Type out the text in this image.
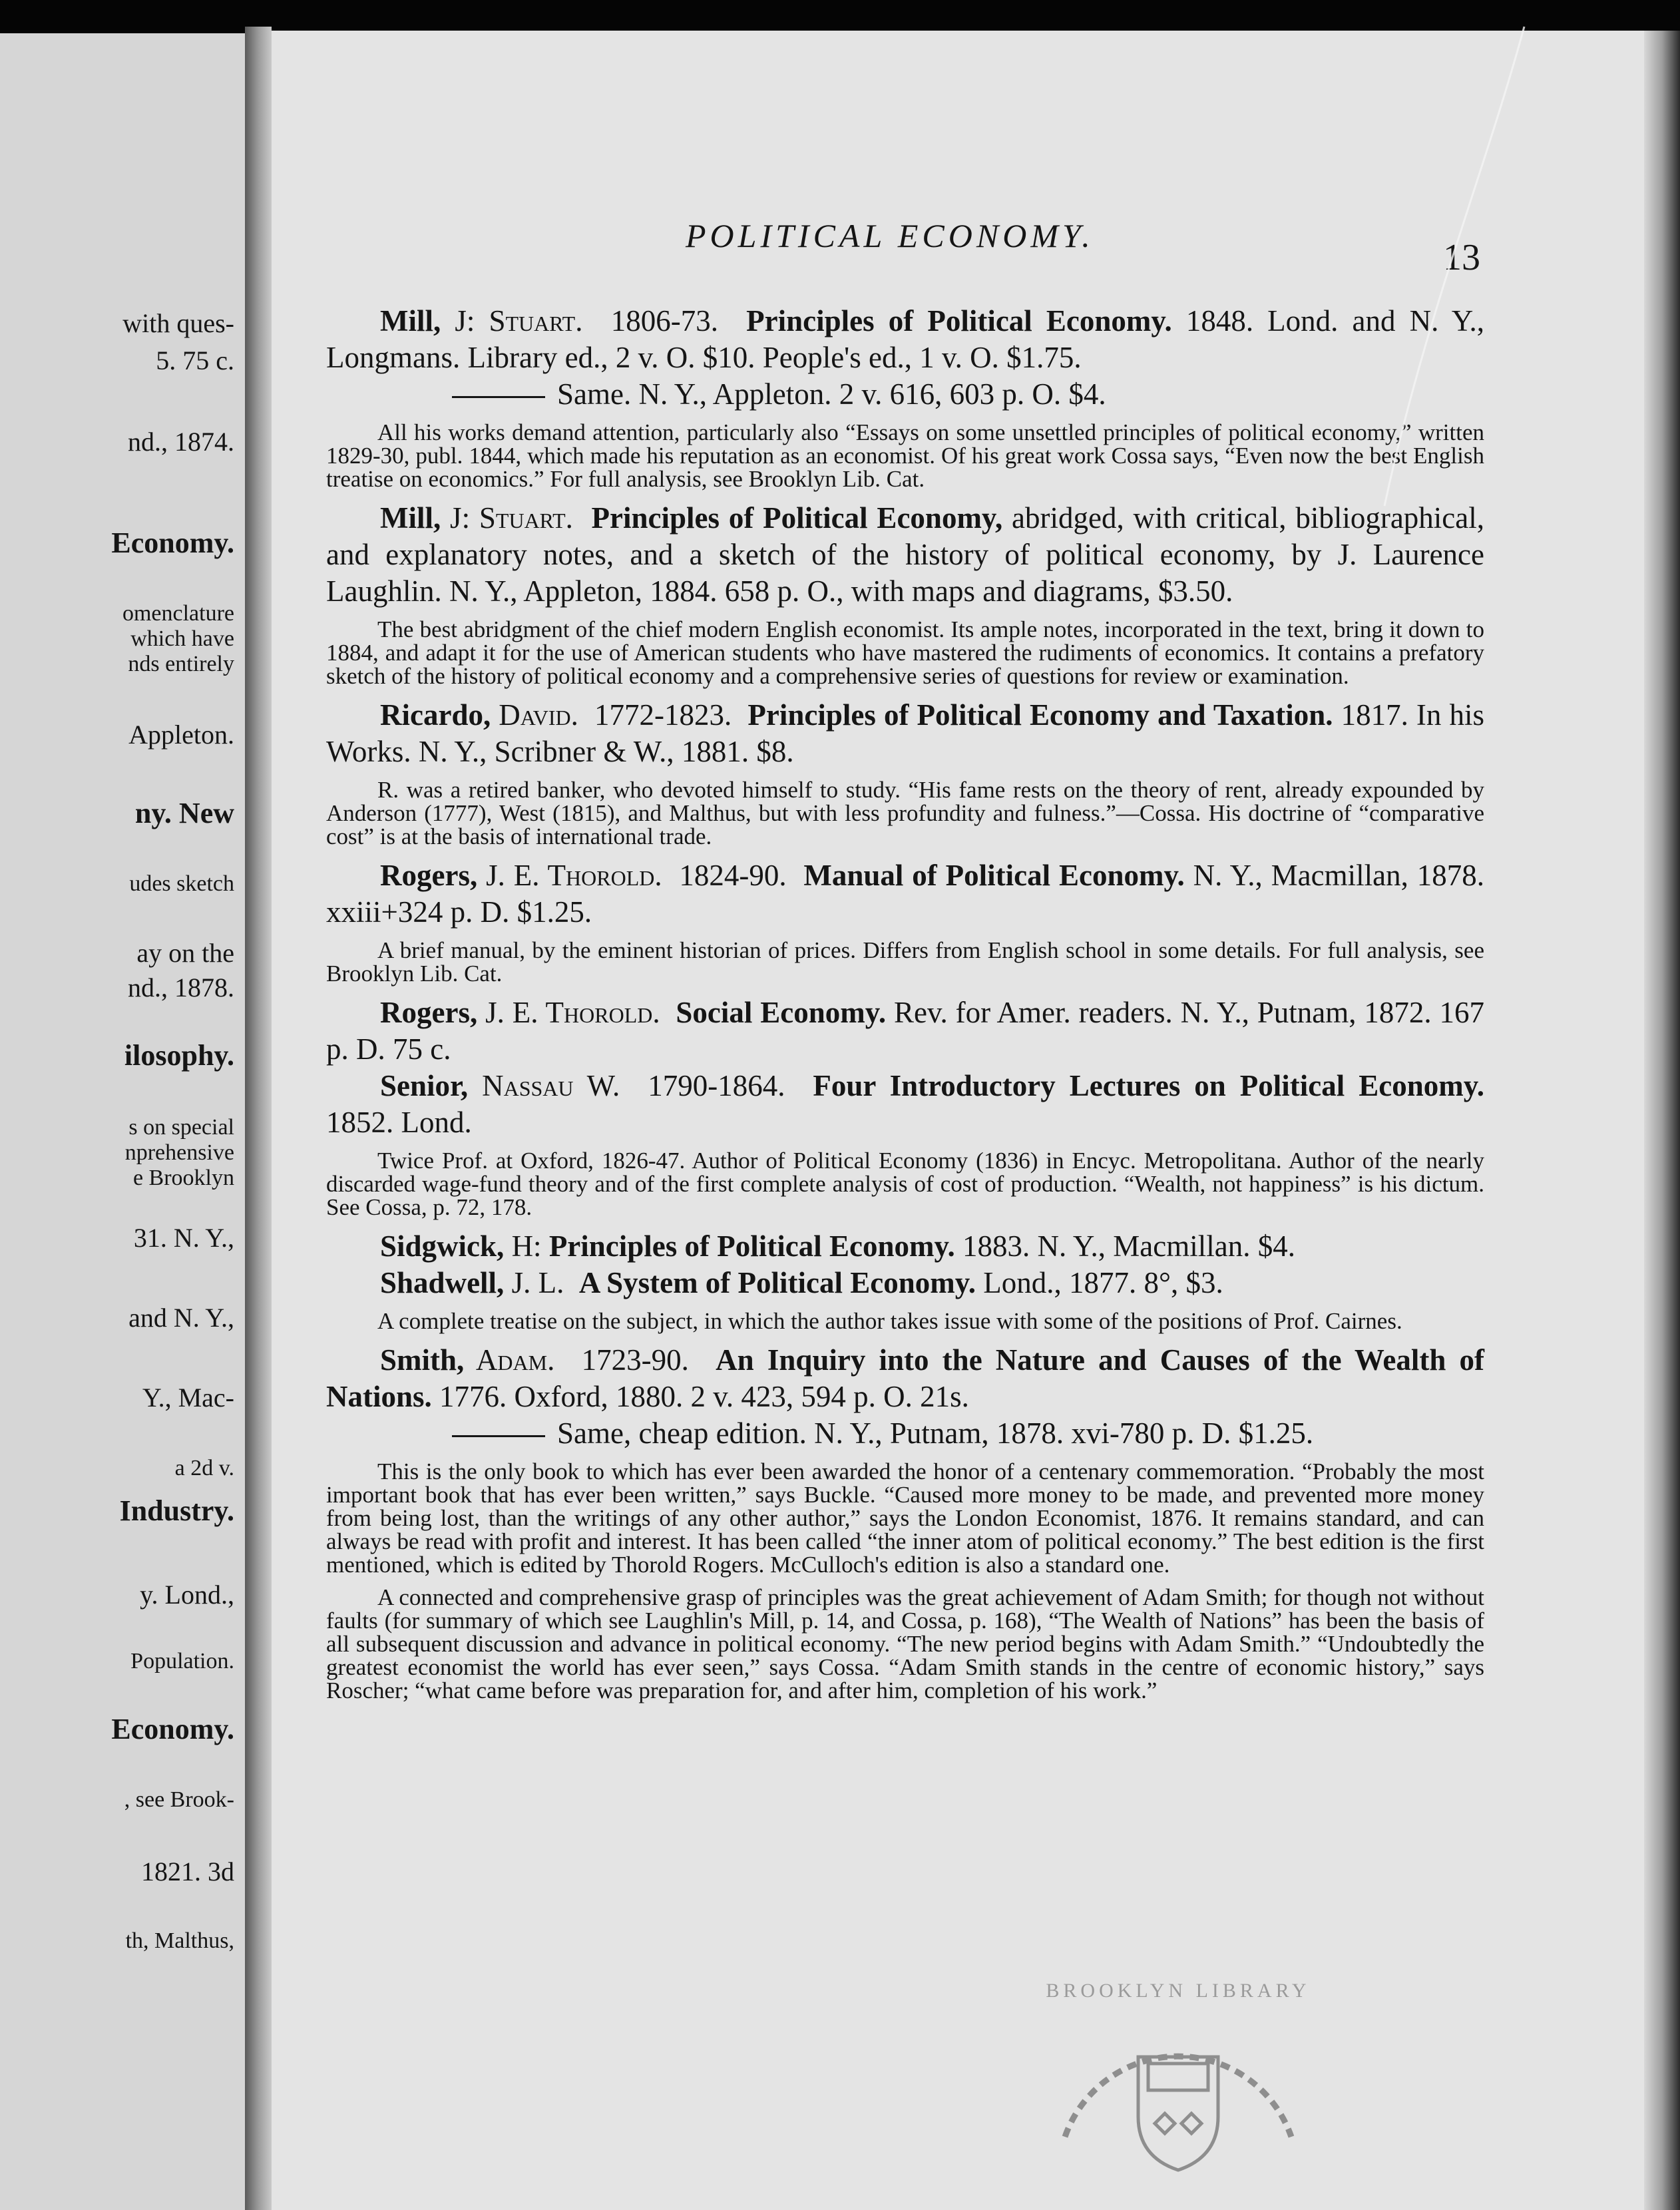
with ques-
5. 75 c.
nd., 1874.
Economy.
omenclature
which have
nds entirely
Appleton.
ny. New
udes sketch
ay on the
nd., 1878.
ilosophy.
s on special
nprehensive
e Brooklyn
31. N. Y.,
and N. Y.,
Y., Mac-
a 2d v.
Industry.
y. Lond.,
Population.
Economy.
, see Brook-
1821. 3d
th, Malthus,
POLITICAL ECONOMY.
13

Mill, J: Stuart.  1806-73.  Principles of Political Economy. 1848. Lond. and N. Y., Longmans. Library ed., 2 v. O. $10. People's ed., 1 v. O. $1.75.

Same. N. Y., Appleton. 2 v. 616, 603 p. O. $4.

All his works demand attention, particularly also “Essays on some unsettled principles of political economy,” written 1829-30, publ. 1844, which made his reputation as an economist. Of his great work Cossa says, “Even now the best English treatise on economics.” For full analysis, see Brooklyn Lib. Cat.

Mill, J: Stuart. Principles of Political Economy, abridged, with critical, bibliographical, and explanatory notes, and a sketch of the history of political economy, by J. Laurence Laughlin. N. Y., Appleton, 1884. 658 p. O., with maps and diagrams, $3.50.

The best abridgment of the chief modern English economist. Its ample notes, incorporated in the text, bring it down to 1884, and adapt it for the use of American students who have mastered the rudiments of economics. It contains a prefatory sketch of the history of political economy and a comprehensive series of questions for review or examination.

Ricardo, David.  1772-1823.  Principles of Political Economy and Taxation. 1817. In his Works. N. Y., Scribner & W., 1881. $8.

R. was a retired banker, who devoted himself to study. “His fame rests on the theory of rent, already expounded by Anderson (1777), West (1815), and Malthus, but with less profundity and fulness.”—Cossa. His doctrine of “comparative cost” is at the basis of international trade.

Rogers, J. E. Thorold.  1824-90.  Manual of Political Economy. N. Y., Macmillan, 1878. xxiii+324 p. D. $1.25.

A brief manual, by the eminent historian of prices. Differs from English school in some details. For full analysis, see Brooklyn Lib. Cat.

Rogers, J. E. Thorold. Social Economy. Rev. for Amer. readers. N. Y., Putnam, 1872. 167 p. D. 75 c.

Senior, Nassau W.  1790-1864.  Four Introductory Lectures on Political Economy. 1852. Lond.

Twice Prof. at Oxford, 1826-47. Author of Political Economy (1836) in Encyc. Metropolitana. Author of the nearly discarded wage-fund theory and of the first complete analysis of cost of production. “Wealth, not happiness” is his dictum. See Cossa, p. 72, 178.

Sidgwick, H: Principles of Political Economy. 1883. N. Y., Macmillan. $4.

Shadwell, J. L. A System of Political Economy. Lond., 1877. 8°, $3.

A complete treatise on the subject, in which the author takes issue with some of the positions of Prof. Cairnes.

Smith, Adam.  1723-90.  An Inquiry into the Nature and Causes of the Wealth of Nations. 1776. Oxford, 1880. 2 v. 423, 594 p. O. 21s.

Same, cheap edition. N. Y., Putnam, 1878. xvi-780 p. D. $1.25.

This is the only book to which has ever been awarded the honor of a centenary commemoration. “Probably the most important book that has ever been written,” says Buckle. “Caused more money to be made, and prevented more money from being lost, than the writings of any other author,” says the London Economist, 1876. It remains standard, and can always be read with profit and interest. It has been called “the inner atom of political economy.” The best edition is the first mentioned, which is edited by Thorold Rogers. McCulloch's edition is also a standard one.

A connected and comprehensive grasp of principles was the great achievement of Adam Smith; for though not without faults (for summary of which see Laughlin's Mill, p. 14, and Cossa, p. 168), “The Wealth of Nations” has been the basis of all subsequent discussion and advance in political economy. “The new period begins with Adam Smith.” “Undoubtedly the greatest economist the world has ever seen,” says Cossa. “Adam Smith stands in the centre of economic history,” says Roscher; “what came before was preparation for, and after him, completion of his work.”

BROOKLYN LIBRARY
